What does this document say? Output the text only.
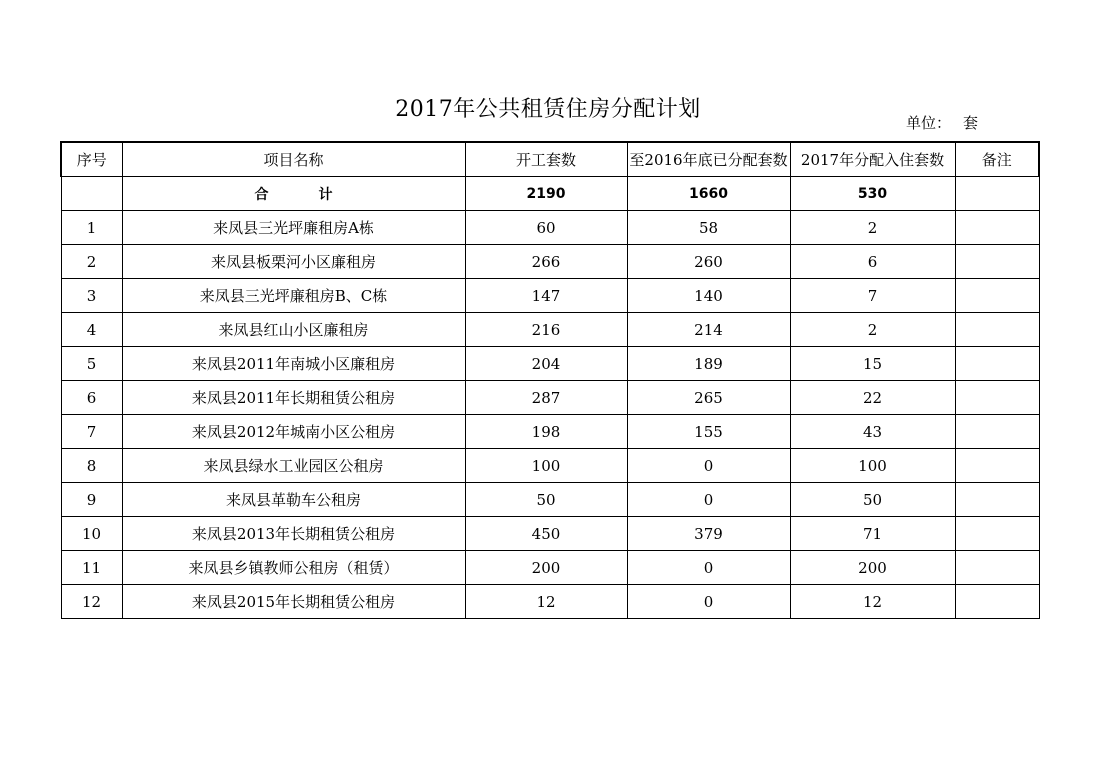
2017年公共租赁住房分配计划
单位： 套
序号	项目名称	开工套数	至2016年底已分配套数	2017年分配入住套数	备注
	合　计	2190	1660	530	
1	来凤县三光坪廉租房A栋	60	58	2	
2	来凤县板栗河小区廉租房	266	260	6	
3	来凤县三光坪廉租房B、C栋	147	140	7	
4	来凤县红山小区廉租房	216	214	2	
5	来凤县2011年南城小区廉租房	204	189	15	
6	来凤县2011年长期租赁公租房	287	265	22	
7	来凤县2012年城南小区公租房	198	155	43	
8	来凤县绿水工业园区公租房	100	0	100	
9	来凤县革勒车公租房	50	0	50	
10	来凤县2013年长期租赁公租房	450	379	71	
11	来凤县乡镇教师公租房（租赁）	200	0	200	
12	来凤县2015年长期租赁公租房	12	0	12	
